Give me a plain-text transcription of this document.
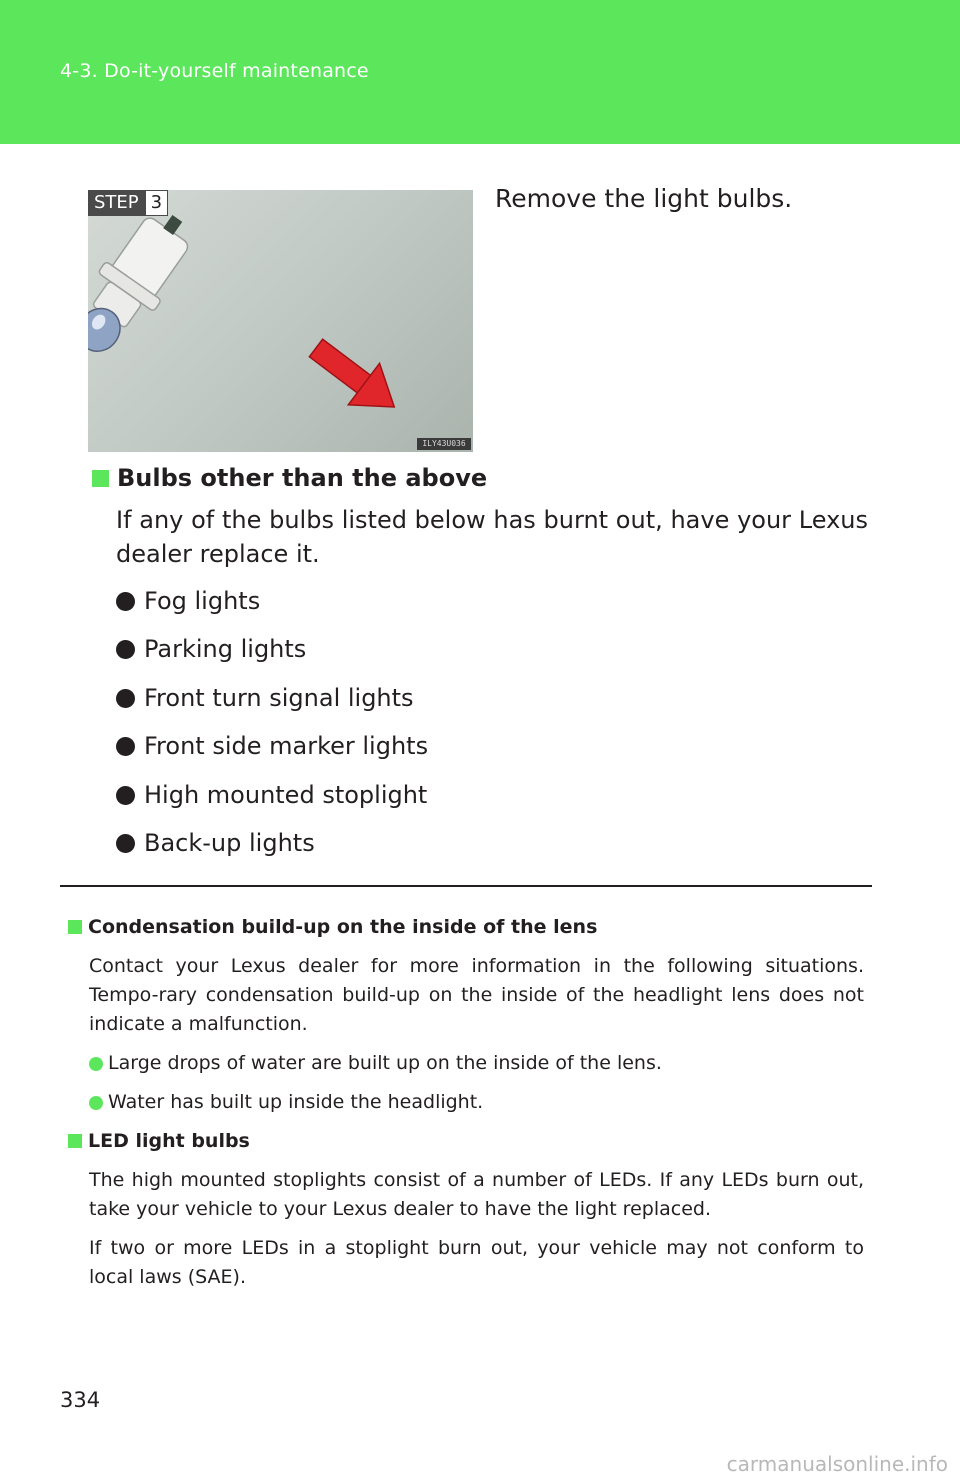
4-3. Do-it-yourself maintenance
STEP 3
ILY43U036
Remove the light bulbs.
Bulbs other than the above
If any of the bulbs listed below has burnt out, have your Lexus dealer replace it.
Fog lights
Parking lights
Front turn signal lights
Front side marker lights
High mounted stoplight
Back-up lights
Condensation build-up on the inside of the lens

Contact your Lexus dealer for more information in the following situations. Tempo-rary condensation build-up on the inside of the headlight lens does not indicate a malfunction.

Large drops of water are built up on the inside of the lens.
Water has built up inside the headlight.
LED light bulbs

The high mounted stoplights consist of a number of LEDs. If any LEDs burn out, take your vehicle to your Lexus dealer to have the light replaced.

If two or more LEDs in a stoplight burn out, your vehicle may not conform to local laws (SAE).

334
carmanualsonline.info
